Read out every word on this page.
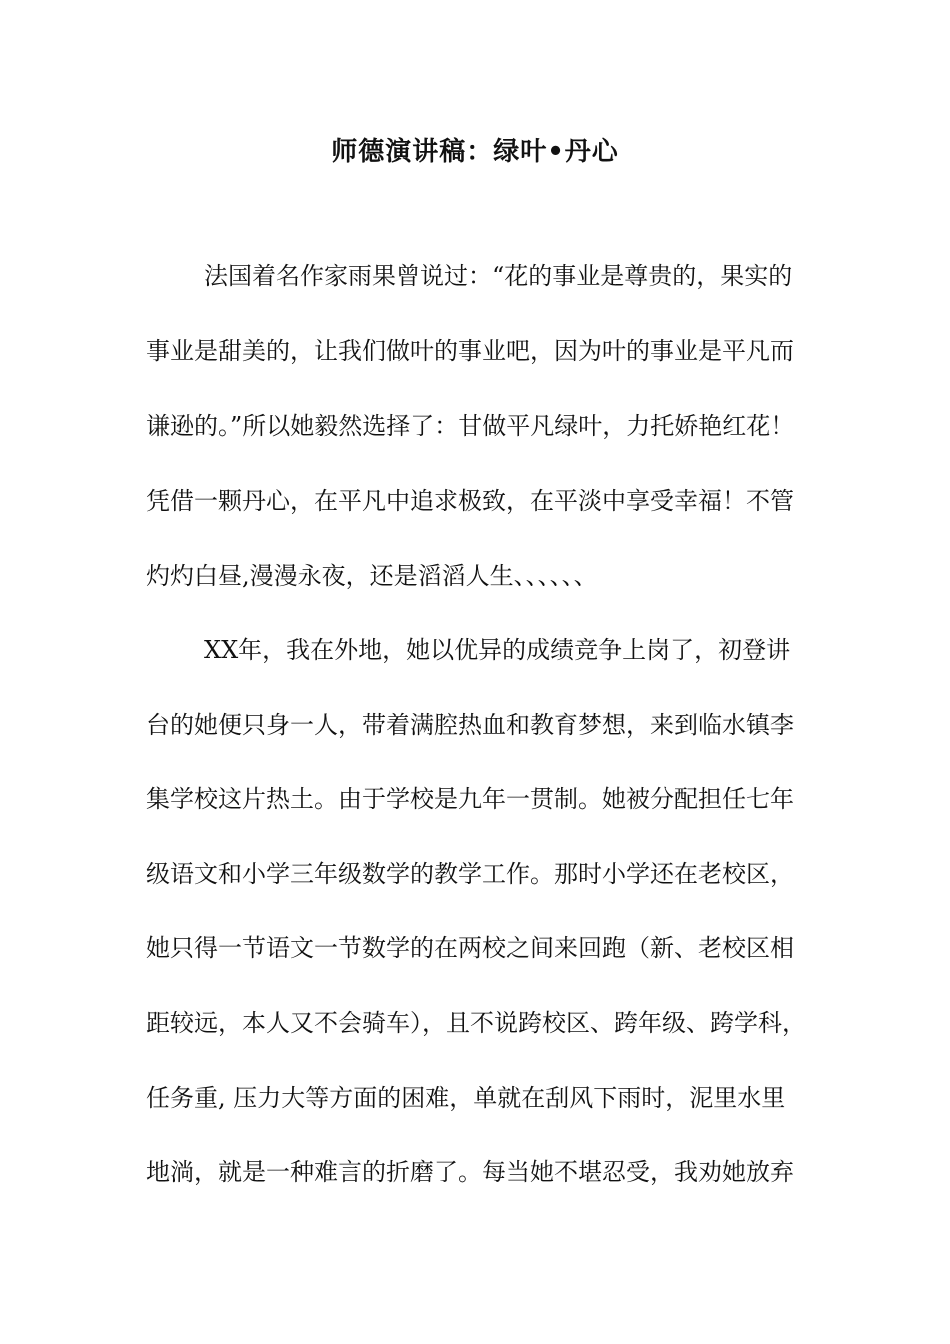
师德演讲稿：绿叶•丹心
法国着名作家雨果曾说过：“花的事业是尊贵的，果实的
事业是甜美的，让我们做叶的事业吧，因为叶的事业是平凡而
谦逊的。”所以她毅然选择了：甘做平凡绿叶，力托娇艳红花！
凭借一颗丹心，在平凡中追求极致，在平淡中享受幸福！不管
灼灼白昼,漫漫永夜，还是滔滔人生、、、、、、
XX年，我在外地，她以优异的成绩竞争上岗了，初登讲
台的她便只身一人，带着满腔热血和教育梦想，来到临水镇李
集学校这片热土。由于学校是九年一贯制。她被分配担任七年
级语文和小学三年级数学的教学工作。那时小学还在老校区，
她只得一节语文一节数学的在两校之间来回跑（新、老校区相
距较远，本人又不会骑车），且不说跨校区、跨年级、跨学科，
任务重, 压力大等方面的困难，单就在刮风下雨时，泥里水里
地淌，就是一种难言的折磨了。每当她不堪忍受，我劝她放弃
